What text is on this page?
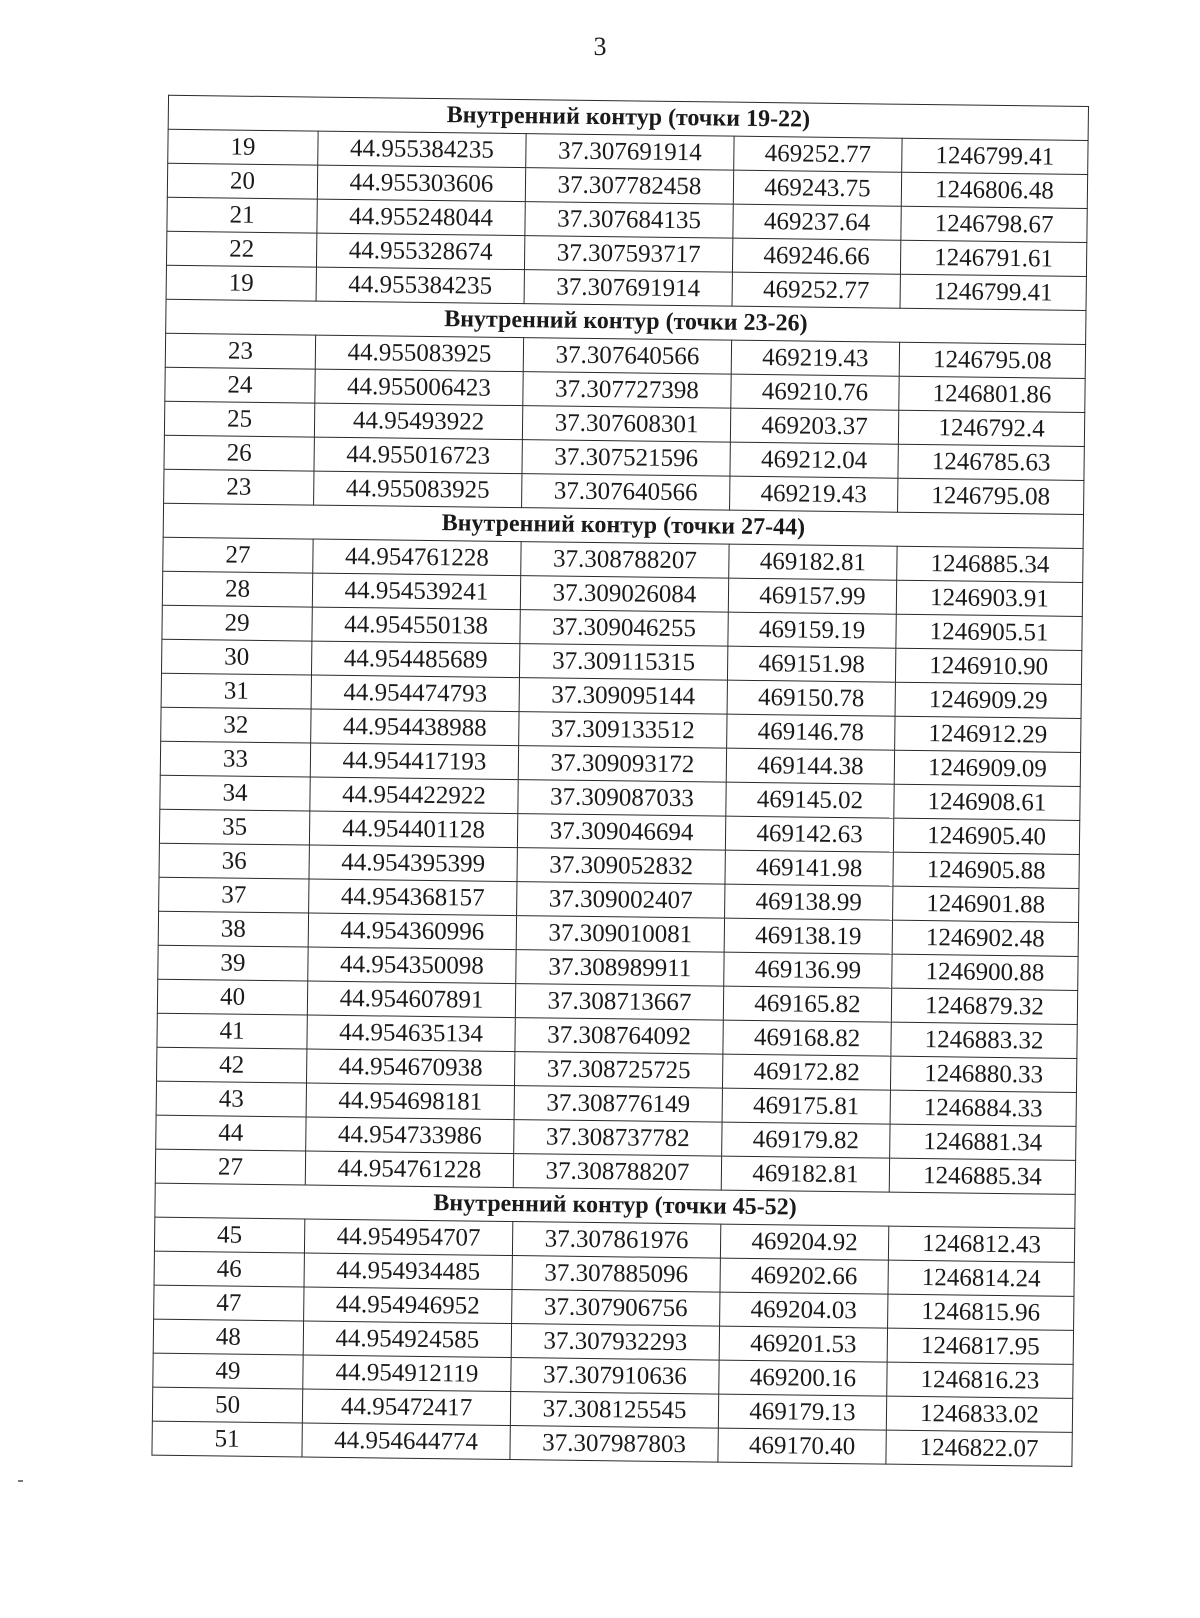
3
Внутренний контур (точки 19-22)				
19	44.955384235	37.307691914	469252.77	1246799.41
20	44.955303606	37.307782458	469243.75	1246806.48
21	44.955248044	37.307684135	469237.64	1246798.67
22	44.955328674	37.307593717	469246.66	1246791.61
19	44.955384235	37.307691914	469252.77	1246799.41
Внутренний контур (точки 23-26)				
23	44.955083925	37.307640566	469219.43	1246795.08
24	44.955006423	37.307727398	469210.76	1246801.86
25	44.95493922	37.307608301	469203.37	1246792.4
26	44.955016723	37.307521596	469212.04	1246785.63
23	44.955083925	37.307640566	469219.43	1246795.08
Внутренний контур (точки 27-44)				
27	44.954761228	37.308788207	469182.81	1246885.34
28	44.954539241	37.309026084	469157.99	1246903.91
29	44.954550138	37.309046255	469159.19	1246905.51
30	44.954485689	37.309115315	469151.98	1246910.90
31	44.954474793	37.309095144	469150.78	1246909.29
32	44.954438988	37.309133512	469146.78	1246912.29
33	44.954417193	37.309093172	469144.38	1246909.09
34	44.954422922	37.309087033	469145.02	1246908.61
35	44.954401128	37.309046694	469142.63	1246905.40
36	44.954395399	37.309052832	469141.98	1246905.88
37	44.954368157	37.309002407	469138.99	1246901.88
38	44.954360996	37.309010081	469138.19	1246902.48
39	44.954350098	37.308989911	469136.99	1246900.88
40	44.954607891	37.308713667	469165.82	1246879.32
41	44.954635134	37.308764092	469168.82	1246883.32
42	44.954670938	37.308725725	469172.82	1246880.33
43	44.954698181	37.308776149	469175.81	1246884.33
44	44.954733986	37.308737782	469179.82	1246881.34
27	44.954761228	37.308788207	469182.81	1246885.34
Внутренний контур (точки 45-52)				
45	44.954954707	37.307861976	469204.92	1246812.43
46	44.954934485	37.307885096	469202.66	1246814.24
47	44.954946952	37.307906756	469204.03	1246815.96
48	44.954924585	37.307932293	469201.53	1246817.95
49	44.954912119	37.307910636	469200.16	1246816.23
50	44.95472417	37.308125545	469179.13	1246833.02
51	44.954644774	37.307987803	469170.40	1246822.07
